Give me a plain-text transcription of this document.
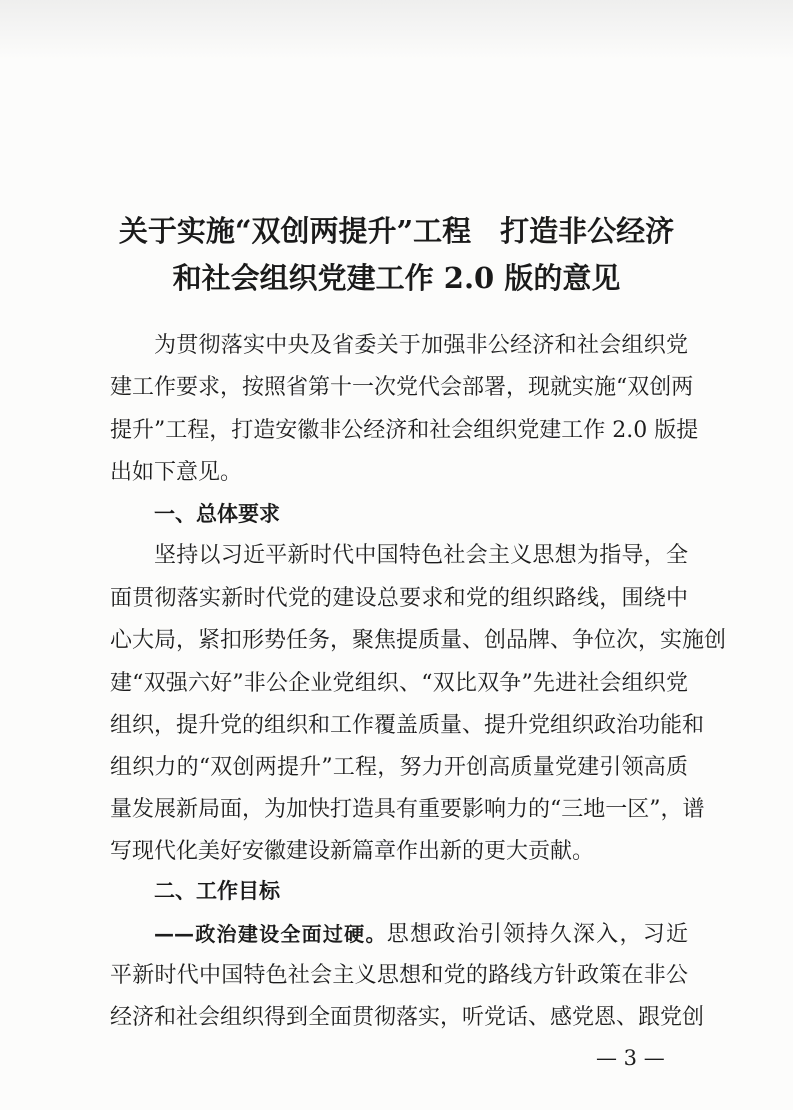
关于实施“双创两提升”工程　打造非公经济
和社会组织党建工作 2.0 版的意见
为贯彻落实中央及省委关于加强非公经济和社会组织党
建工作要求，按照省第十一次党代会部署，现就实施“双创两
提升”工程，打造安徽非公经济和社会组织党建工作 2.0 版提
出如下意见。
一、总体要求
坚持以习近平新时代中国特色社会主义思想为指导，全
面贯彻落实新时代党的建设总要求和党的组织路线，围绕中
心大局，紧扣形势任务，聚焦提质量、创品牌、争位次，实施创
建“双强六好”非公企业党组织、“双比双争”先进社会组织党
组织，提升党的组织和工作覆盖质量、提升党组织政治功能和
组织力的“双创两提升”工程，努力开创高质量党建引领高质
量发展新局面，为加快打造具有重要影响力的“三地一区”，谱
写现代化美好安徽建设新篇章作出新的更大贡献。
二、工作目标
——政治建设全面过硬。思想政治引领持久深入，习近
平新时代中国特色社会主义思想和党的路线方针政策在非公
经济和社会组织得到全面贯彻落实，听党话、感党恩、跟党创
— 3 —
